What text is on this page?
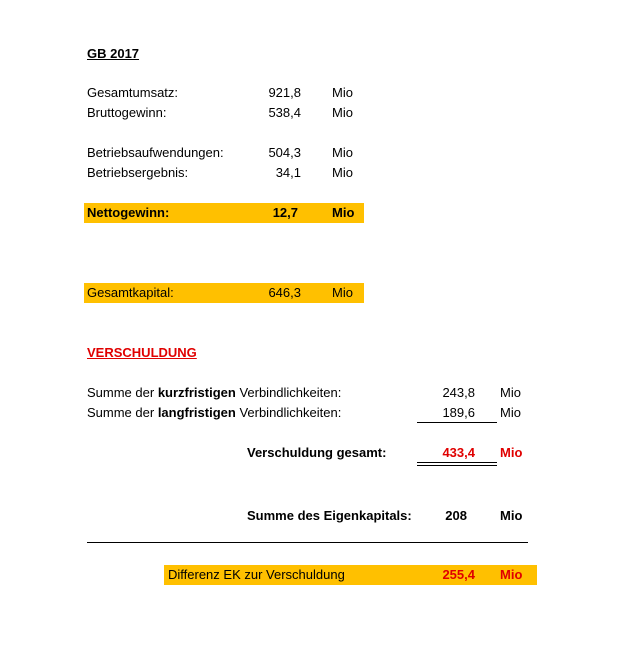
GB 2017
Gesamtumsatz:	921,8 Mio
Bruttogewinn:	538,4 Mio
Betriebsaufwendungen:	504,3 Mio
Betriebsergebnis:	34,1 Mio
Nettogewinn:	12,7	Mio
Gesamtkapital:	646,3 Mio
VERSCHULDUNG
Summe der kurzfristigen Verbindlichkeiten:	243,8 Mio
Summe der langfristigen Verbindlichkeiten:	189,6 Mio
Verschuldung gesamt:	433,4 Mio
Summe des Eigenkapitals:	208	Mio
Differenz EK zur Verschuldung	255,4 Mio
